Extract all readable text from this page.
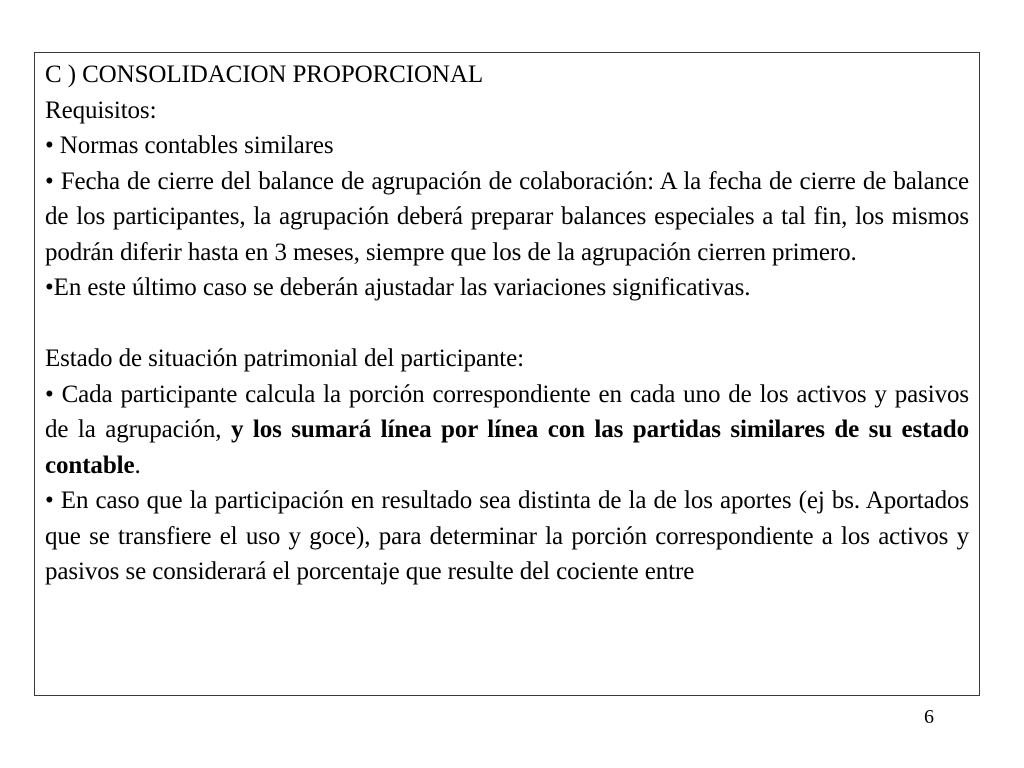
C ) CONSOLIDACION PROPORCIONAL
Requisitos:
• Normas contables similares
• Fecha de cierre del balance de agrupación de colaboración: A la fecha de cierre de balance de los participantes, la agrupación deberá preparar balances especiales a tal fin, los mismos podrán diferir hasta en 3 meses, siempre que los de la agrupación cierren primero.
•En este último caso se deberán ajustadar las variaciones significativas.
Estado de situación patrimonial del participante:
• Cada participante calcula la porción correspondiente en cada uno de los activos y pasivos de la agrupación, y los sumará línea por línea con las partidas similares de su estado contable.
• En caso que la participación en resultado sea distinta de la de los aportes (ej bs. Aportados que se transfiere el uso y goce), para determinar la porción correspondiente a los activos y pasivos se considerará el porcentaje que resulte del cociente entre
6
